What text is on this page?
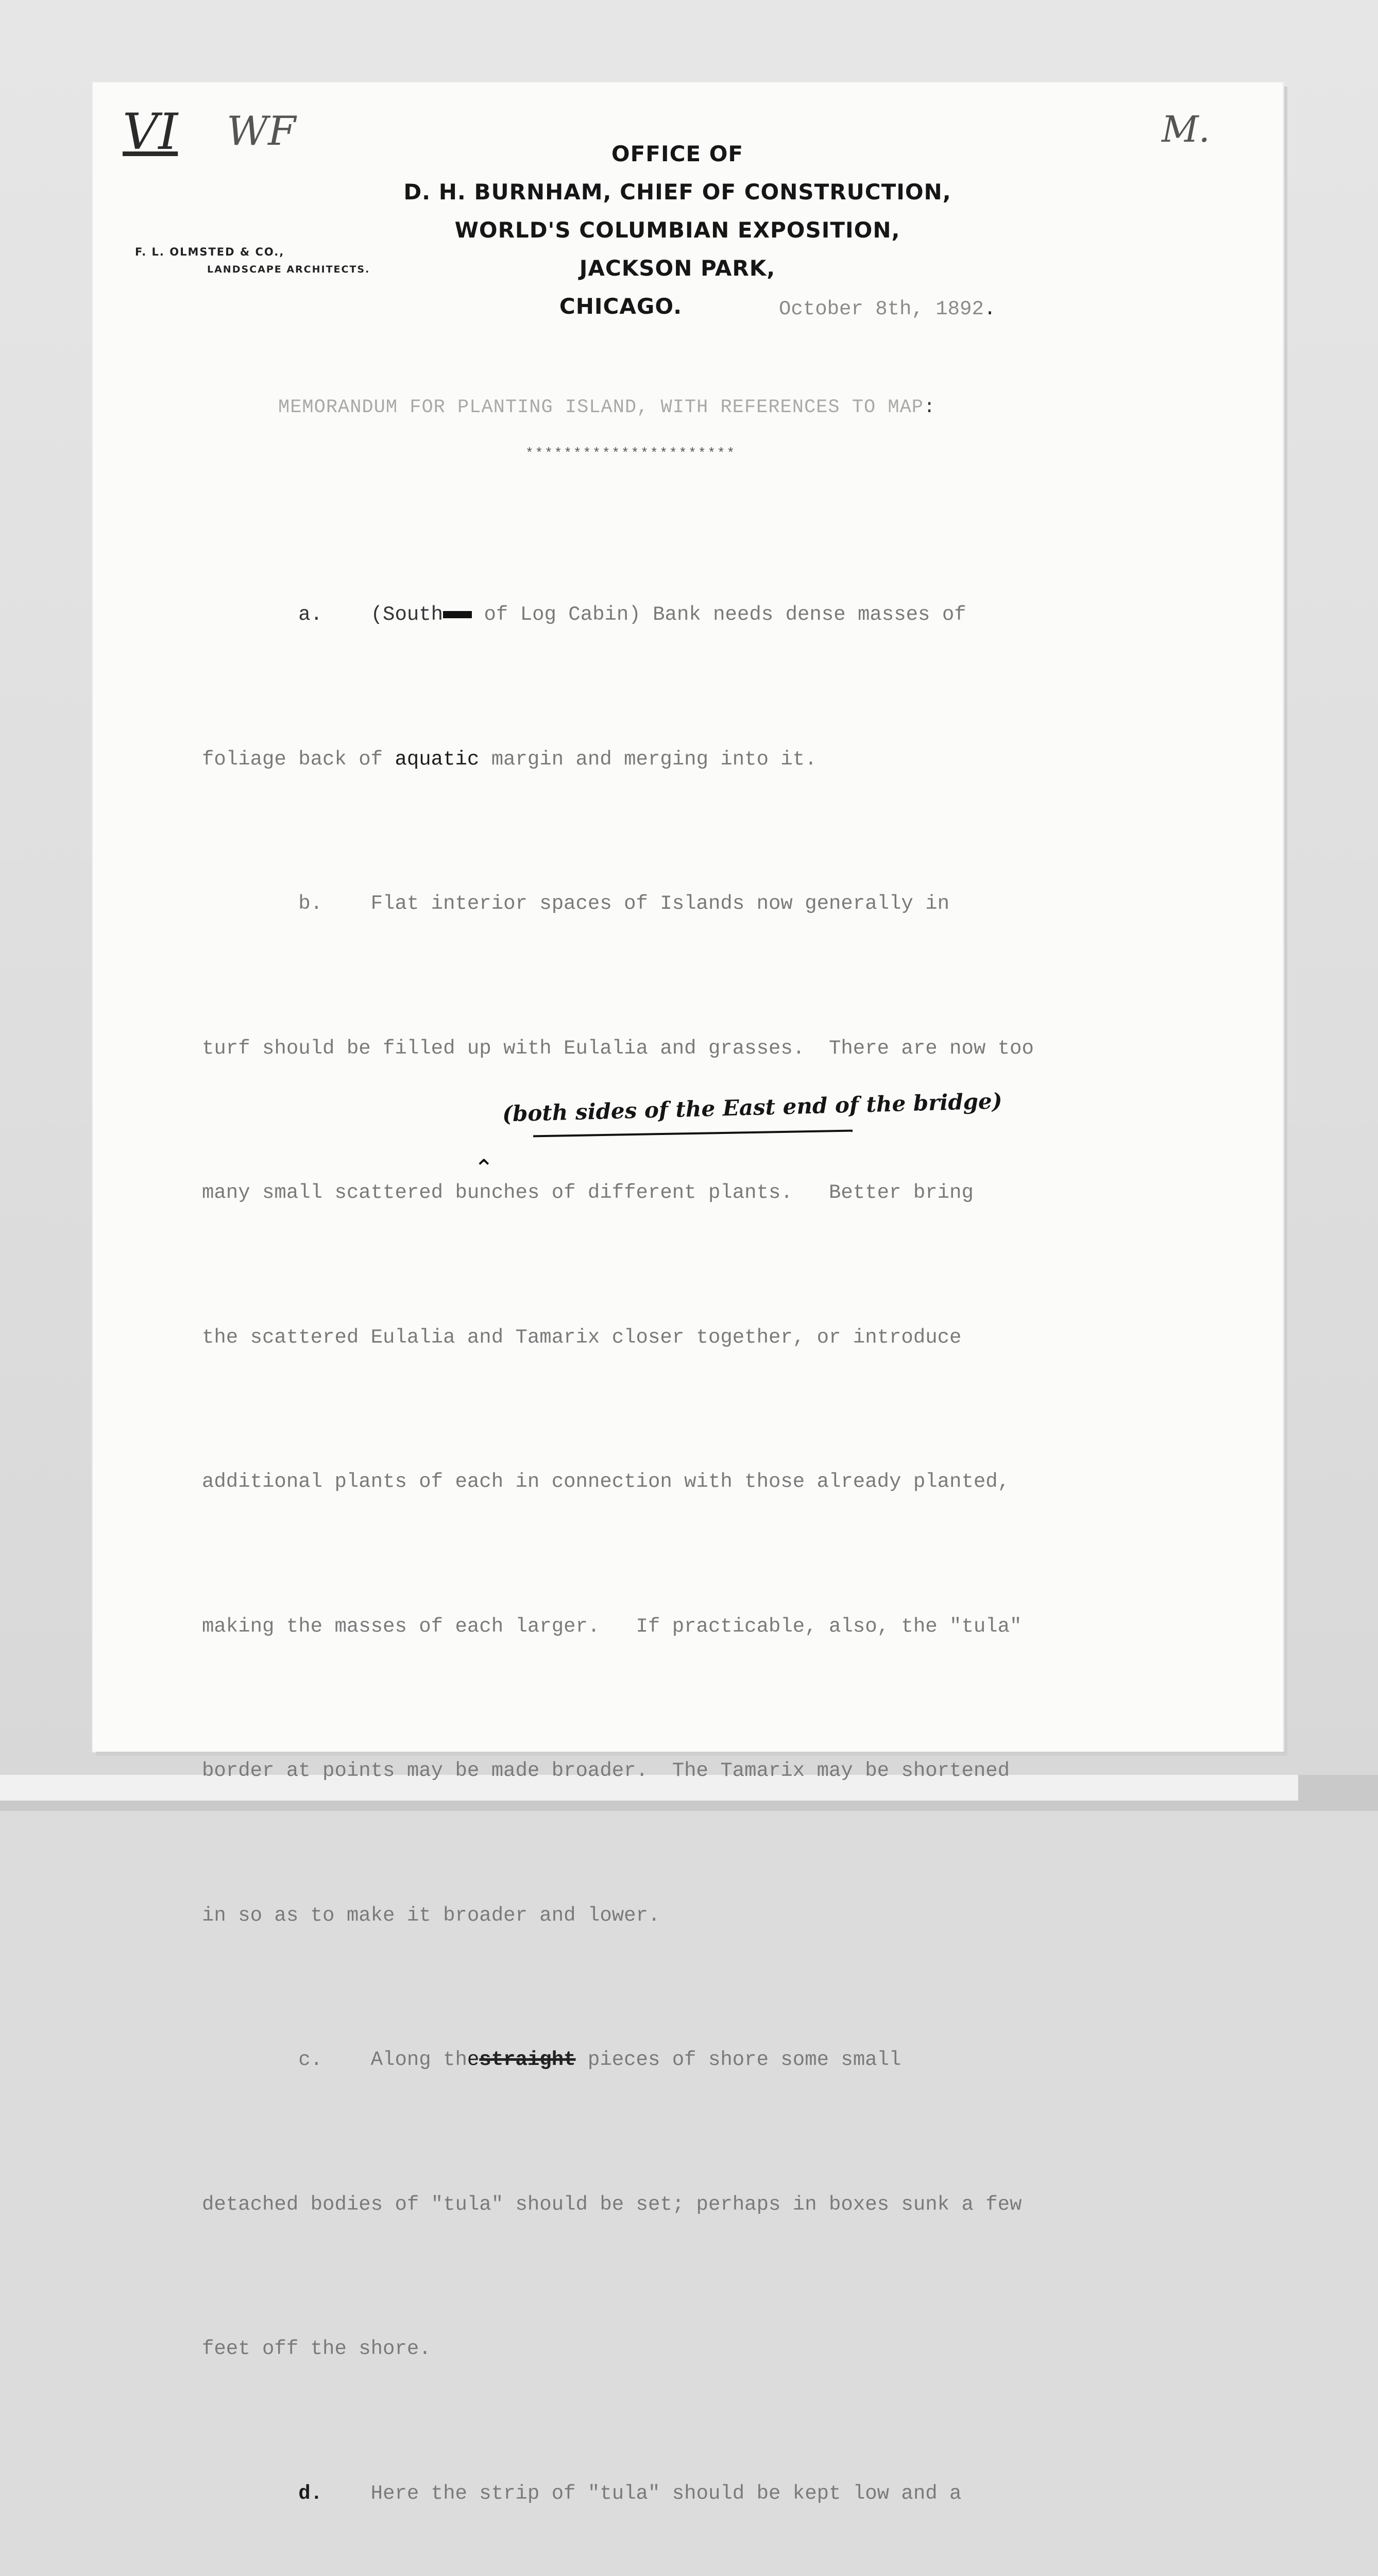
VI WF	M.
OFFICE OF
D. H. BURNHAM, CHIEF OF CONSTRUCTION,
WORLD'S COLUMBIAN EXPOSITION,
JACKSON PARK,
CHICAGO.
F. L. OLMSTED & CO.,
LANDSCAPE ARCHITECTS.
October 8th, 1892.
MEMORANDUM FOR PLANTING ISLAND, WITH REFERENCES TO MAP:
**********************

a.    (South of Log Cabin) Bank needs dense masses of

foliage back of aquatic margin and merging into it.

b.    Flat interior spaces of Islands now generally in

turf should be filled up with Eulalia and grasses.  There are now too

many small scattered bunches of different plants.   Better bring

the scattered Eulalia and Tamarix closer together, or introduce

additional plants of each in connection with those already planted,

making the masses of each larger.   If practicable, also, the "tula"

border at points may be made broader.  The Tamarix may be shortened

in so as to make it broader and lower.

c.    Along thestraight pieces of shore some small

detached bodies of "tula" should be set; perhaps in boxes sunk a few

feet off the shore.

d.    Here the strip of "tula" should be kept low and a

(both sides of the East end of the bridge)
⌃
